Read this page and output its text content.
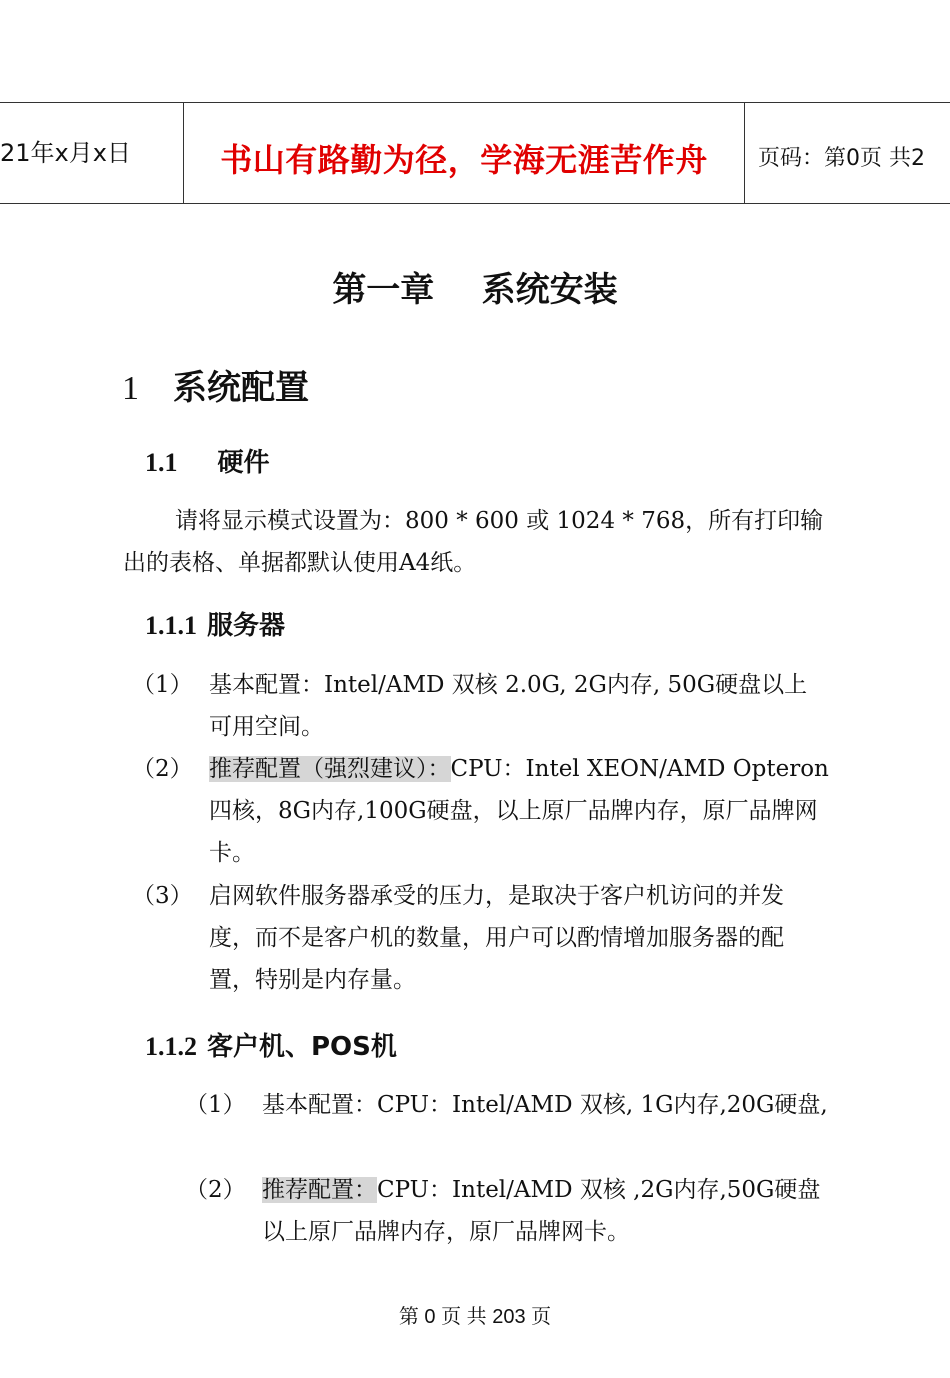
21年x月x日	书山有路勤为径，学海无涯苦作舟	页码：第0页 共2
第一章    系统安装
1 系统配置
1.1 硬件
请将显示模式设置为：800 * 600 或 1024 * 768，所有打印输出的表格、单据都默认使用A4纸。
1.1.1 服务器
（1） 基本配置：Intel/AMD 双核 2.0G, 2G内存, 50G硬盘以上可用空间。
（2） 推荐配置（强烈建议）：CPU：Intel XEON/AMD Opteron 四核，8G内存,100G硬盘，以上原厂品牌内存，原厂品牌网卡。
（3） 启网软件服务器承受的压力，是取决于客户机访问的并发度，而不是客户机的数量，用户可以酌情增加服务器的配置，特别是内存量。
1.1.2 客户机、POS机
（1） 基本配置：CPU：Intel/AMD 双核, 1G内存,20G硬盘,
（2） 推荐配置：CPU：Intel/AMD 双核 ,2G内存,50G硬盘以上原厂品牌内存，原厂品牌网卡。
第 0 页 共 203 页
